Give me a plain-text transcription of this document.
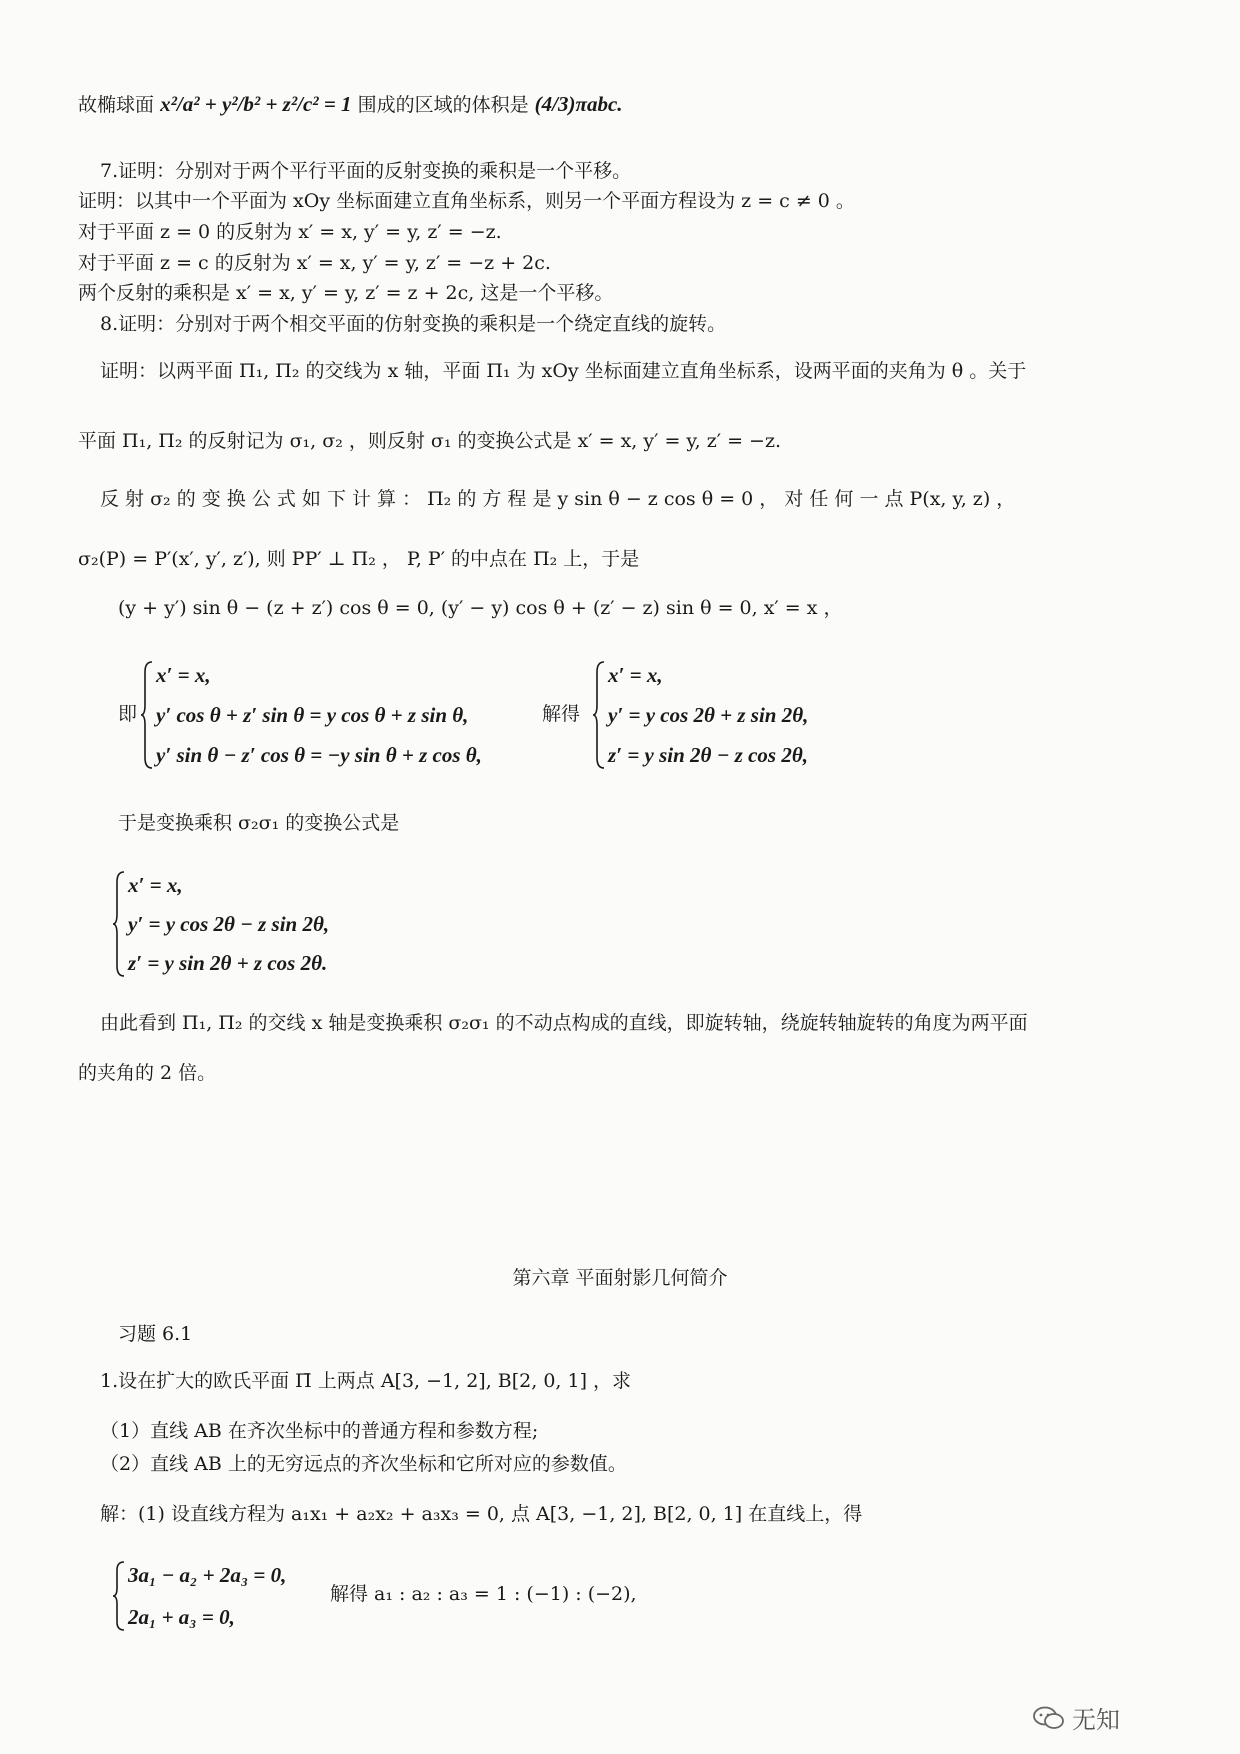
故椭球面 x²/a² + y²/b² + z²/c² = 1 围成的区域的体积是 (4/3)πabc.
7.证明：分别对于两个平行平面的反射变换的乘积是一个平移。
证明：以其中一个平面为 xOy 坐标面建立直角坐标系，则另一个平面方程设为 z = c ≠ 0 。
对于平面 z = 0 的反射为 x′ = x, y′ = y, z′ = −z.
对于平面 z = c 的反射为 x′ = x, y′ = y, z′ = −z + 2c.
两个反射的乘积是 x′ = x, y′ = y, z′ = z + 2c, 这是一个平移。
8.证明：分别对于两个相交平面的仿射变换的乘积是一个绕定直线的旋转。
证明：以两平面 Π₁, Π₂ 的交线为 x 轴，平面 Π₁ 为 xOy 坐标面建立直角坐标系，设两平面的夹角为 θ 。关于
平面 Π₁, Π₂ 的反射记为 σ₁, σ₂ ，则反射 σ₁ 的变换公式是 x′ = x, y′ = y, z′ = −z.
反 射 σ₂ 的 变 换 公 式 如 下 计 算 ： Π₂ 的 方 程 是 y sin θ − z cos θ = 0 ， 对 任 何 一 点 P(x, y, z) ，
σ₂(P) = P′(x′, y′, z′), 则 PP′ ⊥ Π₂ ， P, P′ 的中点在 Π₂ 上，于是
(y + y′) sin θ − (z + z′) cos θ = 0, (y′ − y) cos θ + (z′ − z) sin θ = 0, x′ = x ，
即
x′ = x,
y′ cos θ + z′ sin θ = y cos θ + z sin θ,
y′ sin θ − z′ cos θ = −y sin θ + z cos θ,
解得
x′ = x,
y′ = y cos 2θ + z sin 2θ,
z′ = y sin 2θ − z cos 2θ,
于是变换乘积 σ₂σ₁ 的变换公式是
x′ = x,
y′ = y cos 2θ − z sin 2θ,
z′ = y sin 2θ + z cos 2θ.
由此看到 Π₁, Π₂ 的交线 x 轴是变换乘积 σ₂σ₁ 的不动点构成的直线，即旋转轴，绕旋转轴旋转的角度为两平面
的夹角的 2 倍。
第六章 平面射影几何简介
习题 6.1
1.设在扩大的欧氏平面 Π̄ 上两点 A[3, −1, 2], B[2, 0, 1] ，求
（1）直线 AB 在齐次坐标中的普通方程和参数方程;
（2）直线 AB 上的无穷远点的齐次坐标和它所对应的参数值。
解：(1) 设直线方程为 a₁x₁ + a₂x₂ + a₃x₃ = 0, 点 A[3, −1, 2], B[2, 0, 1] 在直线上，得
3a₁ − a₂ + 2a₃ = 0,
2a₁ + a₃ = 0,
解得 a₁ : a₂ : a₃ = 1 : (−1) : (−2),
无知
